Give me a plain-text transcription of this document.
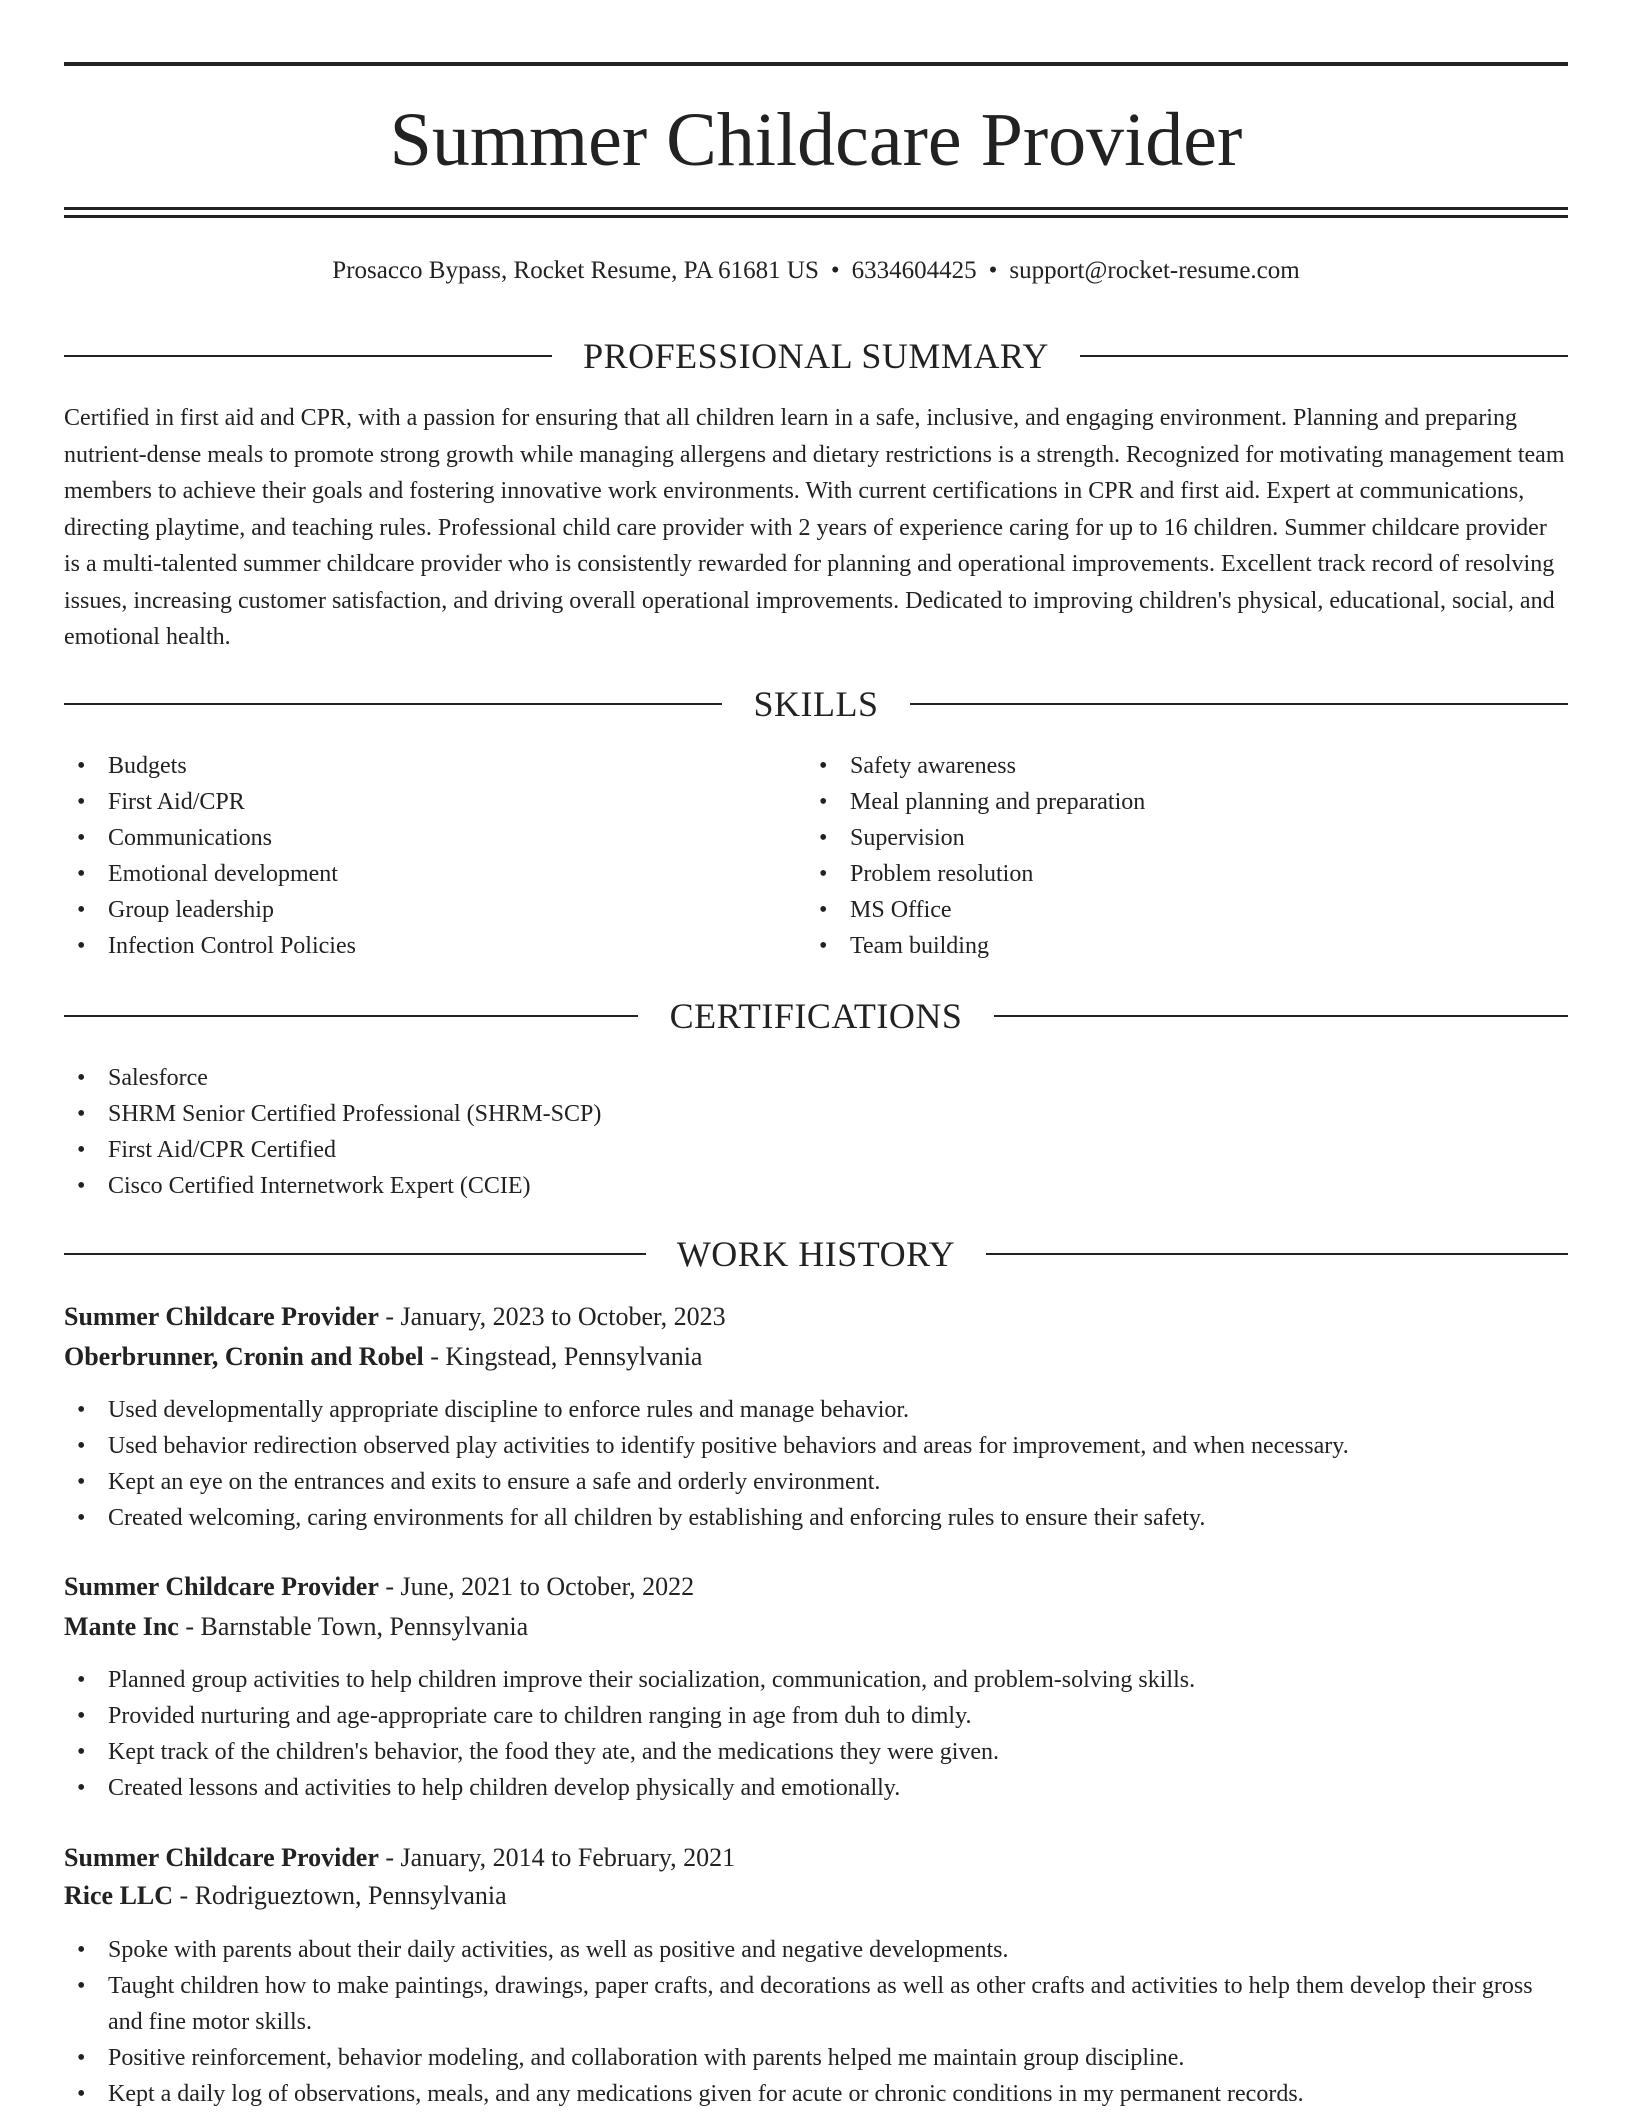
Summer Childcare Provider
Prosacco Bypass, Rocket Resume, PA 61681 US • 6334604425 • support@rocket-resume.com
PROFESSIONAL SUMMARY
Certified in first aid and CPR, with a passion for ensuring that all children learn in a safe, inclusive, and engaging environment. Planning and preparing nutrient-dense meals to promote strong growth while managing allergens and dietary restrictions is a strength. Recognized for motivating management team members to achieve their goals and fostering innovative work environments. With current certifications in CPR and first aid. Expert at communications, directing playtime, and teaching rules. Professional child care provider with 2 years of experience caring for up to 16 children. Summer childcare provider is a multi-talented summer childcare provider who is consistently rewarded for planning and operational improvements. Excellent track record of resolving issues, increasing customer satisfaction, and driving overall operational improvements. Dedicated to improving children's physical, educational, social, and emotional health.
SKILLS
• Budgets
• First Aid/CPR
• Communications
• Emotional development
• Group leadership
• Infection Control Policies
• Safety awareness
• Meal planning and preparation
• Supervision
• Problem resolution
• MS Office
• Team building
CERTIFICATIONS
• Salesforce
• SHRM Senior Certified Professional (SHRM-SCP)
• First Aid/CPR Certified
• Cisco Certified Internetwork Expert (CCIE)
WORK HISTORY
Summer Childcare Provider - January, 2023 to October, 2023
Oberbrunner, Cronin and Robel - Kingstead, Pennsylvania
• Used developmentally appropriate discipline to enforce rules and manage behavior.
• Used behavior redirection observed play activities to identify positive behaviors and areas for improvement, and when necessary.
• Kept an eye on the entrances and exits to ensure a safe and orderly environment.
• Created welcoming, caring environments for all children by establishing and enforcing rules to ensure their safety.
Summer Childcare Provider - June, 2021 to October, 2022
Mante Inc - Barnstable Town, Pennsylvania
• Planned group activities to help children improve their socialization, communication, and problem-solving skills.
• Provided nurturing and age-appropriate care to children ranging in age from duh to dimly.
• Kept track of the children's behavior, the food they ate, and the medications they were given.
• Created lessons and activities to help children develop physically and emotionally.
Summer Childcare Provider - January, 2014 to February, 2021
Rice LLC - Rodrigueztown, Pennsylvania
• Spoke with parents about their daily activities, as well as positive and negative developments.
• Taught children how to make paintings, drawings, paper crafts, and decorations as well as other crafts and activities to help them develop their gross and fine motor skills.
• Positive reinforcement, behavior modeling, and collaboration with parents helped me maintain group discipline.
• Kept a daily log of observations, meals, and any medications given for acute or chronic conditions in my permanent records.
